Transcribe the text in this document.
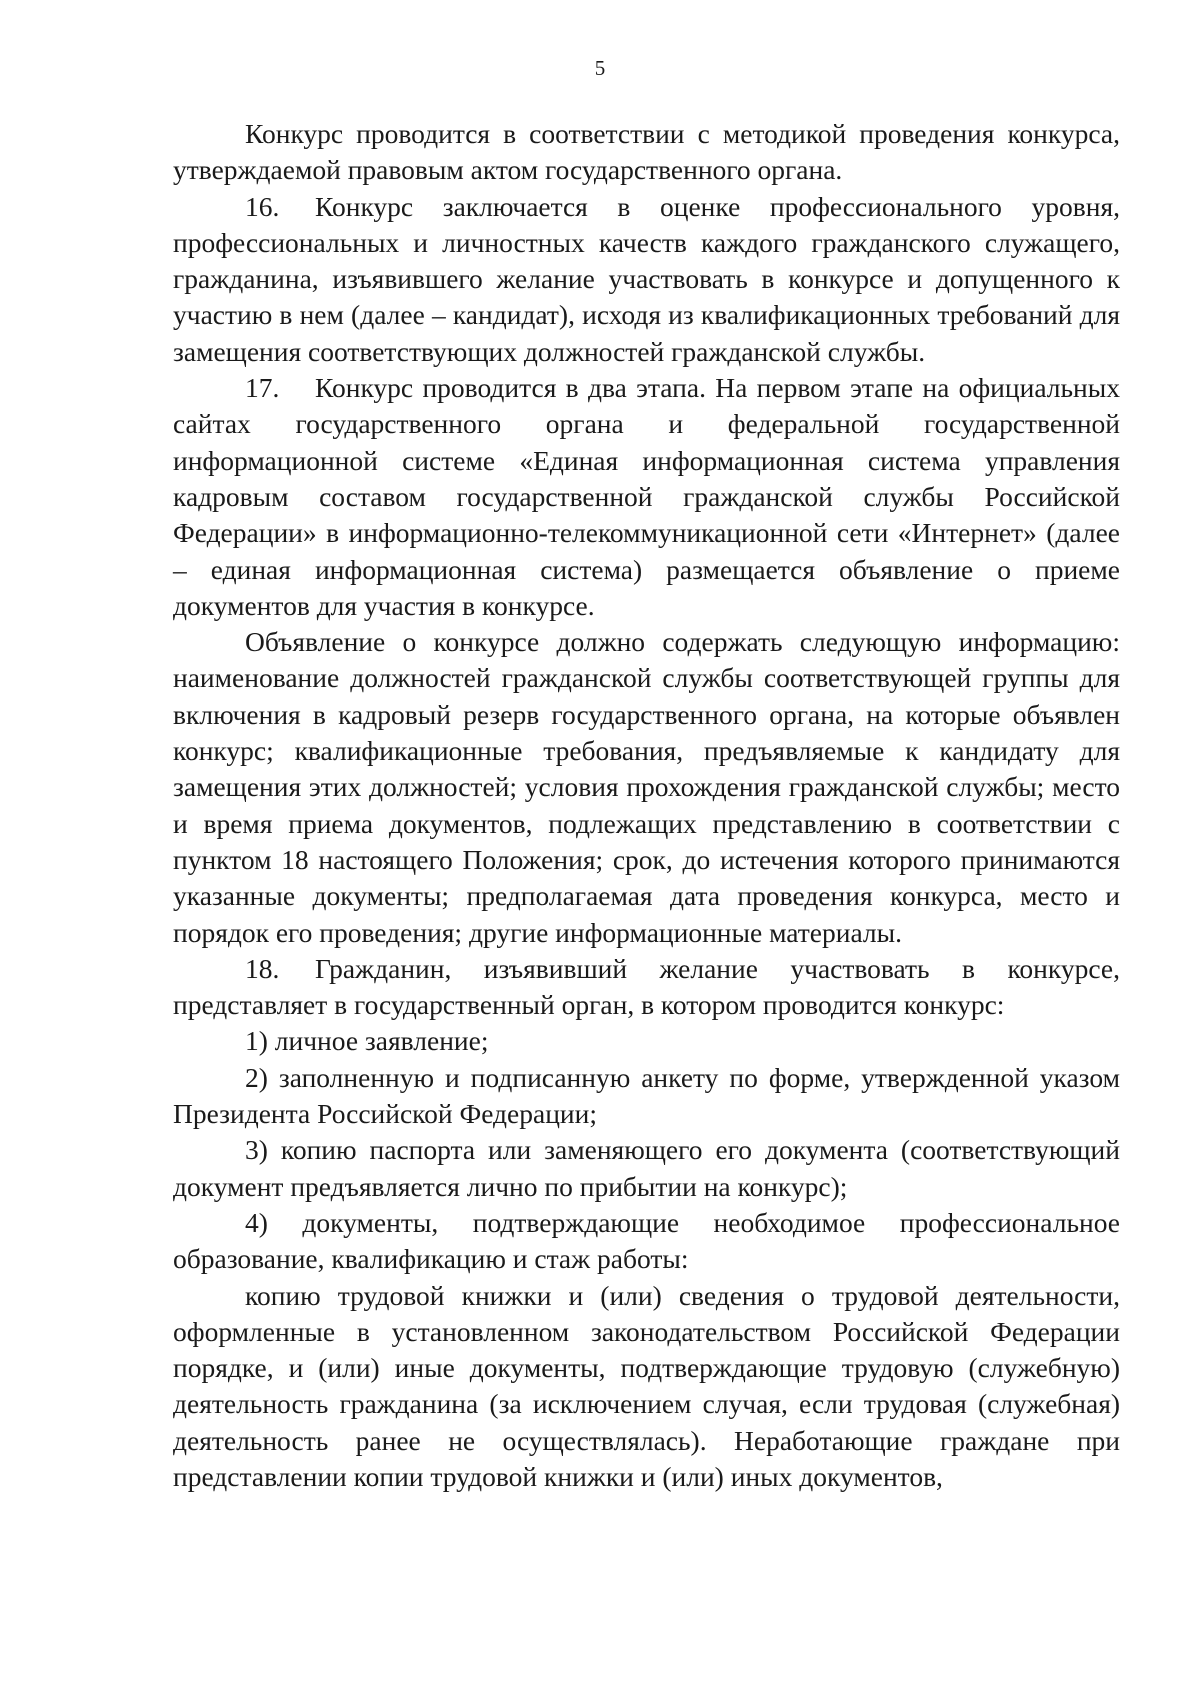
5

Конкурс проводится в соответствии с методикой проведения конкурса, утверждаемой правовым актом государственного органа.

16. Конкурс заключается в оценке профессионального уровня, профессиональных и личностных качеств каждого гражданского служащего, гражданина, изъявившего желание участвовать в конкурсе и допущенного к участию в нем (далее – кандидат), исходя из квалификационных требований для замещения соответствующих должностей гражданской службы.

17. Конкурс проводится в два этапа. На первом этапе на официальных сайтах государственного органа и федеральной государственной информационной системе «Единая информационная система управления кадровым составом государственной гражданской службы Российской Федерации» в информационно-телекоммуникационной сети «Интернет» (далее – единая информационная система) размещается объявление о приеме документов для участия в конкурсе.

Объявление о конкурсе должно содержать следующую информацию: наименование должностей гражданской службы соответствующей группы для включения в кадровый резерв государственного органа, на которые объявлен конкурс; квалификационные требования, предъявляемые к кандидату для замещения этих должностей; условия прохождения гражданской службы; место и время приема документов, подлежащих представлению в соответствии с пунктом 18 настоящего Положения; срок, до истечения которого принимаются указанные документы; предполагаемая дата проведения конкурса, место и порядок его проведения; другие информационные материалы.

18. Гражданин, изъявивший желание участвовать в конкурсе, представляет в государственный орган, в котором проводится конкурс:

1) личное заявление;

2) заполненную и подписанную анкету по форме, утвержденной указом Президента Российской Федерации;

3) копию паспорта или заменяющего его документа (соответствующий документ предъявляется лично по прибытии на конкурс);

4) документы, подтверждающие необходимое профессиональное образование, квалификацию и стаж работы:

копию трудовой книжки и (или) сведения о трудовой деятельности, оформленные в установленном законодательством Российской Федерации порядке, и (или) иные документы, подтверждающие трудовую (служебную) деятельность гражданина (за исключением случая, если трудовая (служебная) деятельность ранее не осуществлялась). Неработающие граждане при представлении копии трудовой книжки и (или) иных документов,
